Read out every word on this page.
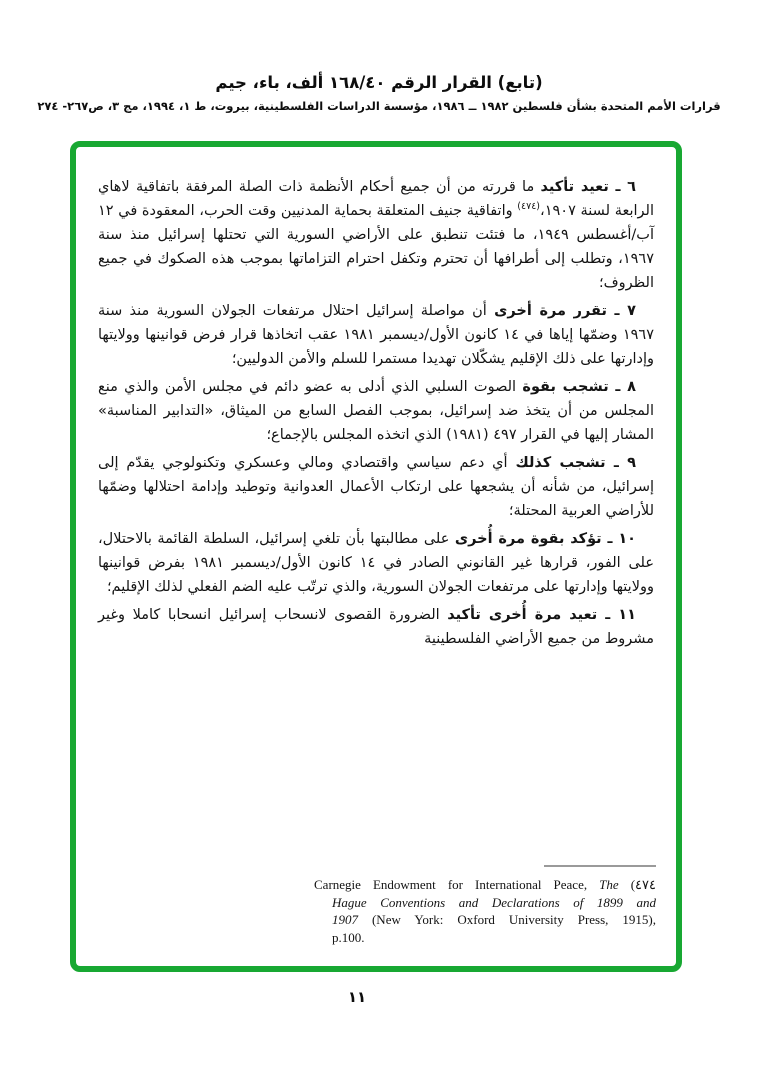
(تابع) القرار الرقم ١٦٨/٤٠ ألف، باء، جيم
قرارات الأمم المتحدة بشأن فلسطين ١٩٨٢ ــ ١٩٨٦، مؤسسة الدراسات الفلسطينية، بيروت، ط ١، ١٩٩٤، مج ٣، ص٢٦٧- ٢٧٤
٦ ـ تعيد تأكيد ما قررته من أن جميع أحكام الأنظمة ذات الصلة المرفقة باتفاقية لاهاي الرابعة لسنة ١٩٠٧،$^{(٤٧٤)}$ واتفاقية جنيف المتعلقة بحماية المدنيين وقت الحرب، المعقودة في ١٢ آب/أغسطس ١٩٤٩، ما فتئت تنطبق على الأراضي السورية التي تحتلها إسرائيل منذ سنة ١٩٦٧، وتطلب إلى أطرافها أن تحترم وتكفل احترام التزاماتها بموجب هذه الصكوك في جميع الظروف؛
٧ ـ تقرر مرة أخرى أن مواصلة إسرائيل احتلال مرتفعات الجولان السورية منذ سنة ١٩٦٧ وضمّها إياها في ١٤ كانون الأول/ديسمبر ١٩٨١ عقب اتخاذها قرار فرض قوانينها وولايتها وإدارتها على ذلك الإقليم يشكّلان تهديدا مستمرا للسلم والأمن الدوليين؛
٨ ـ تشجب بقوة الصوت السلبي الذي أدلى به عضو دائم في مجلس الأمن والذي منع المجلس من أن يتخذ ضد إسرائيل، بموجب الفصل السابع من الميثاق، «التدابير المناسبة» المشار إليها في القرار ٤٩٧ (١٩٨١) الذي اتخذه المجلس بالإجماع؛
٩ ـ تشجب كذلك أي دعم سياسي واقتصادي ومالي وعسكري وتكنولوجي يقدّم إلى إسرائيل، من شأنه أن يشجعها على ارتكاب الأعمال العدوانية وتوطيد وإدامة احتلالها وضمّها للأراضي العربية المحتلة؛
١٠ ـ تؤكد بقوة مرة أُخرى على مطالبتها بأن تلغي إسرائيل، السلطة القائمة بالاحتلال، على الفور، قرارها غير القانوني الصادر في ١٤ كانون الأول/ديسمبر ١٩٨١ بفرض قوانينها وولايتها وإدارتها على مرتفعات الجولان السورية، والذي ترتّب عليه الضم الفعلي لذلك الإقليم؛
١١ ـ تعيد مرة أُخرى تأكيد الضرورة القصوى لانسحاب إسرائيل انسحابا كاملا وغير مشروط من جميع الأراضي الفلسطينية
Carnegie Endowment for International Peace, The (٤٧٤
Hague Conventions and Declarations of 1899 and
1907 (New York: Oxford University Press, 1915),
p.100.
١١
